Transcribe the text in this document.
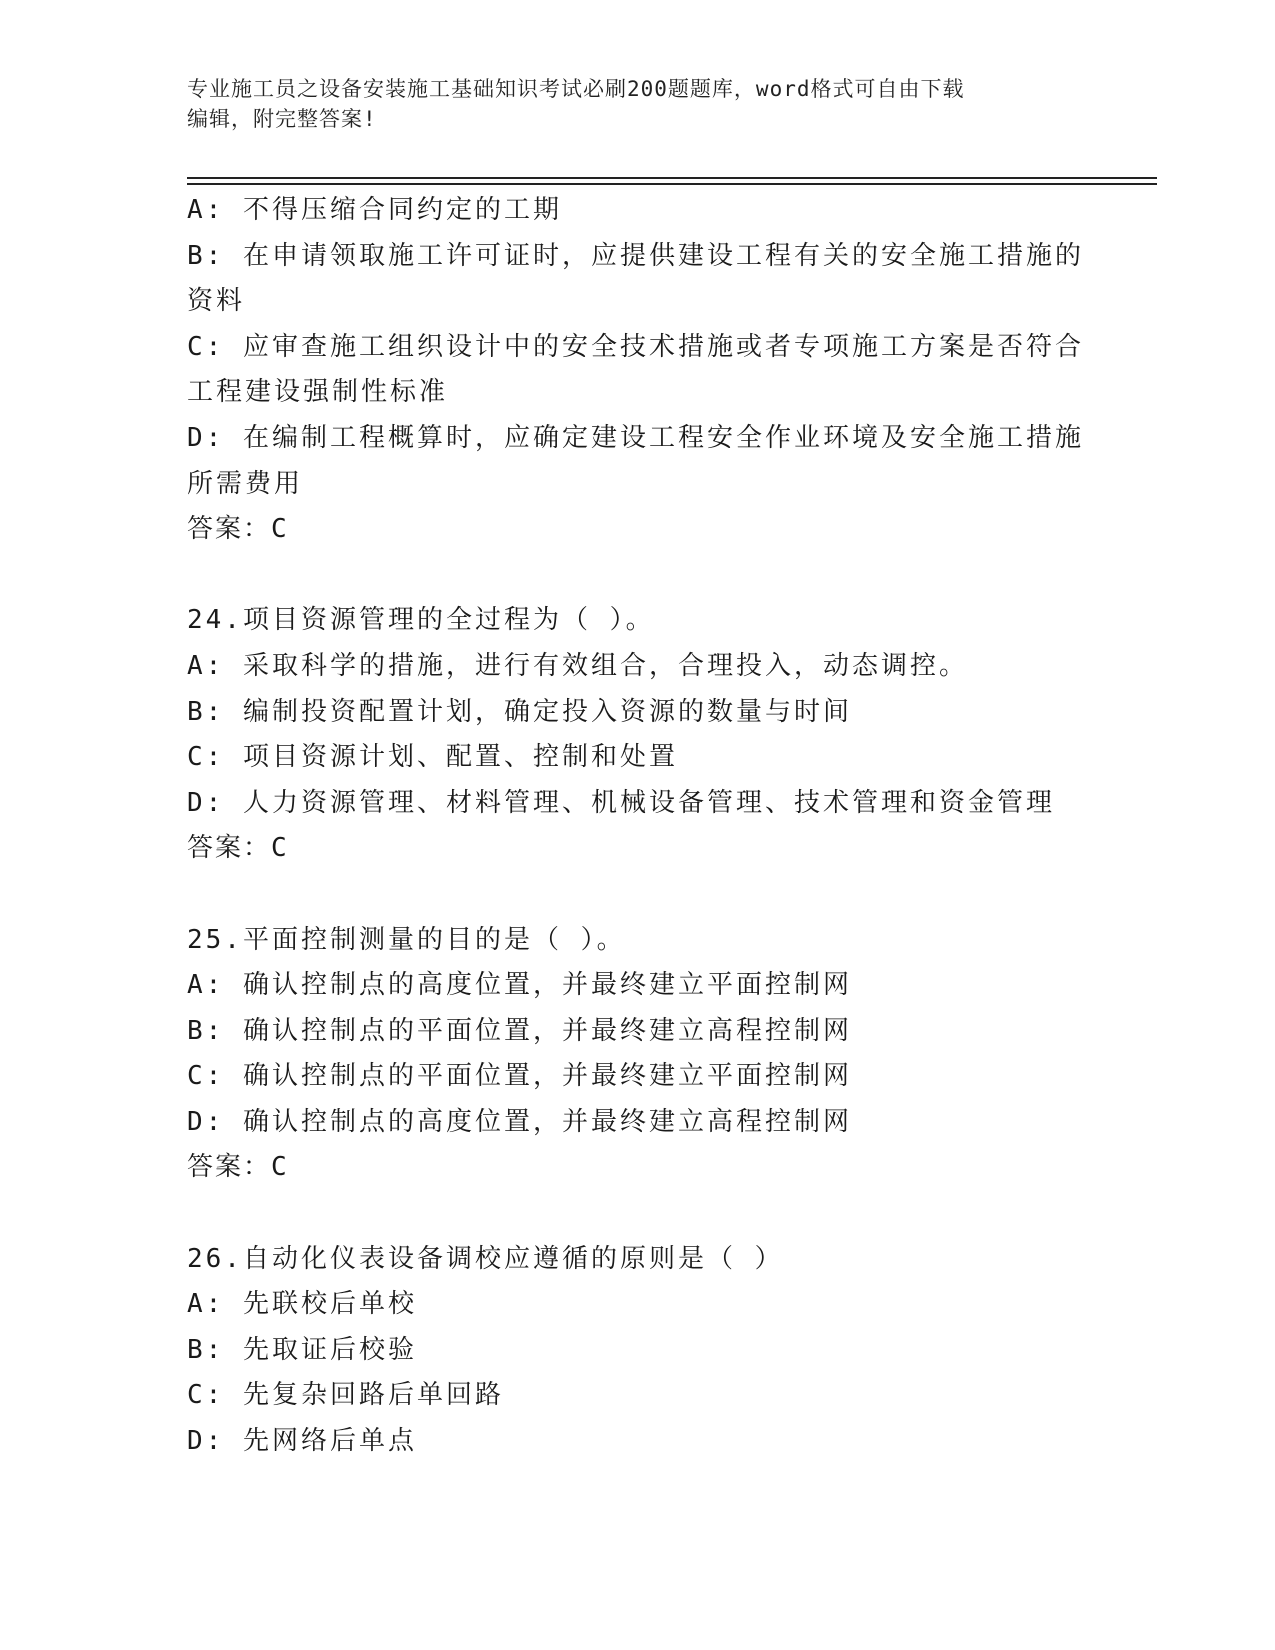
专业施工员之设备安装施工基础知识考试必刷200题题库，word格式可自由下载
编辑，附完整答案!
A: 不得压缩合同约定的工期
B: 在申请领取施工许可证时，应提供建设工程有关的安全施工措施的
资料
C: 应审查施工组织设计中的安全技术措施或者专项施工方案是否符合
工程建设强制性标准
D: 在编制工程概算时，应确定建设工程安全作业环境及安全施工措施
所需费用
答案：C
24.项目资源管理的全过程为（ ）。
A: 采取科学的措施，进行有效组合，合理投入，动态调控。
B: 编制投资配置计划，确定投入资源的数量与时间
C: 项目资源计划、配置、控制和处置
D: 人力资源管理、材料管理、机械设备管理、技术管理和资金管理
答案：C
25.平面控制测量的目的是（ ）。
A: 确认控制点的高度位置，并最终建立平面控制网
B: 确认控制点的平面位置，并最终建立高程控制网
C: 确认控制点的平面位置，并最终建立平面控制网
D: 确认控制点的高度位置，并最终建立高程控制网
答案：C
26.自动化仪表设备调校应遵循的原则是（ ）
A: 先联校后单校
B: 先取证后校验
C: 先复杂回路后单回路
D: 先网络后单点
